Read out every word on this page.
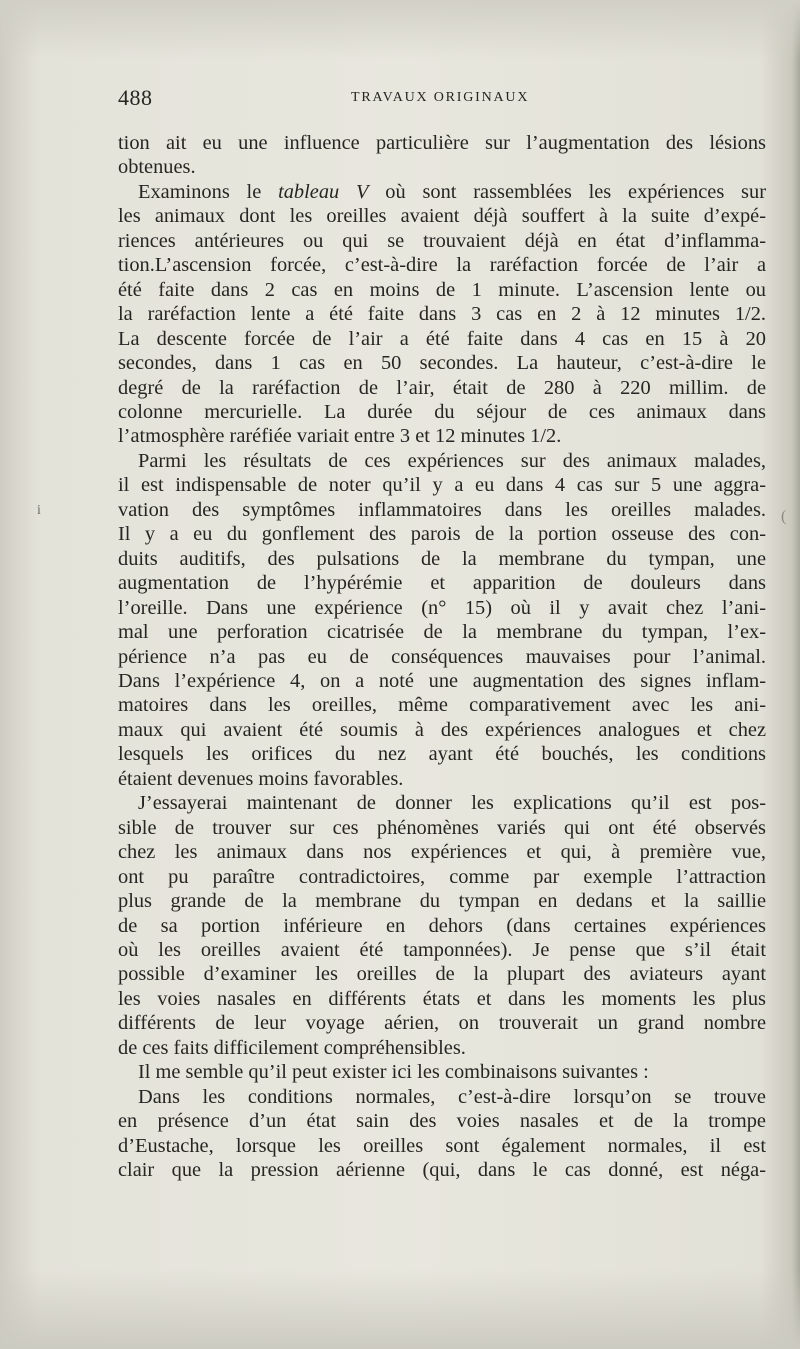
488	TRAVAUX ORIGINAUX
i	(
tion ait eu une influence particulière sur l’augmentation des lésions
obtenues.
Examinons le tableau V où sont rassemblées les expériences sur
les animaux dont les oreilles avaient déjà souffert à la suite d’expé-
riences antérieures ou qui se trouvaient déjà en état d’inflamma-
tion.L’ascension forcée, c’est-à-dire la raréfaction forcée de l’air a
été faite dans 2 cas en moins de 1 minute. L’ascension lente ou
la raréfaction lente a été faite dans 3 cas en 2 à 12 minutes 1/2.
La descente forcée de l’air a été faite dans 4 cas en 15 à 20
secondes, dans 1 cas en 50 secondes. La hauteur, c’est-à-dire le
degré de la raréfaction de l’air, était de 280 à 220 millim. de
colonne mercurielle. La durée du séjour de ces animaux dans
l’atmosphère raréfiée variait entre 3 et 12 minutes 1/2.
Parmi les résultats de ces expériences sur des animaux malades,
il est indispensable de noter qu’il y a eu dans 4 cas sur 5 une aggra-
vation des symptômes inflammatoires dans les oreilles malades.
Il y a eu du gonflement des parois de la portion osseuse des con-
duits auditifs, des pulsations de la membrane du tympan, une
augmentation de l’hypérémie et apparition de douleurs dans
l’oreille. Dans une expérience (n° 15) où il y avait chez l’ani-
mal une perforation cicatrisée de la membrane du tympan, l’ex-
périence n’a pas eu de conséquences mauvaises pour l’animal.
Dans l’expérience 4, on a noté une augmentation des signes inflam-
matoires dans les oreilles, même comparativement avec les ani-
maux qui avaient été soumis à des expériences analogues et chez
lesquels les orifices du nez ayant été bouchés, les conditions
étaient devenues moins favorables.
J’essayerai maintenant de donner les explications qu’il est pos-
sible de trouver sur ces phénomènes variés qui ont été observés
chez les animaux dans nos expériences et qui, à première vue,
ont pu paraître contradictoires, comme par exemple l’attraction
plus grande de la membrane du tympan en dedans et la saillie
de sa portion inférieure en dehors (dans certaines expériences
où les oreilles avaient été tamponnées). Je pense que s’il était
possible d’examiner les oreilles de la plupart des aviateurs ayant
les voies nasales en différents états et dans les moments les plus
différents de leur voyage aérien, on trouverait un grand nombre
de ces faits difficilement compréhensibles.
Il me semble qu’il peut exister ici les combinaisons suivantes :
Dans les conditions normales, c’est-à-dire lorsqu’on se trouve
en présence d’un état sain des voies nasales et de la trompe
d’Eustache, lorsque les oreilles sont également normales, il est
clair que la pression aérienne (qui, dans le cas donné, est néga-
